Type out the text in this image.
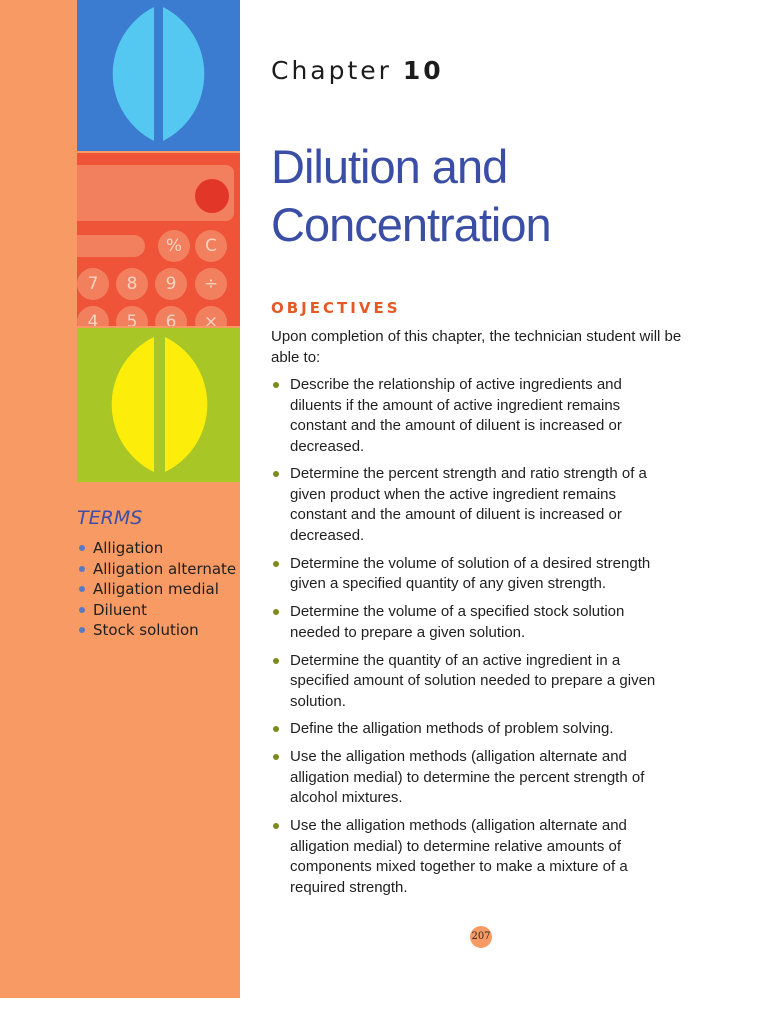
%	C
7	8	9	÷
4	5	6	×
TERMS
Alligation
Alligation alternate
Alligation medial
Diluent
Stock solution
Chapter 10
Dilution and
Concentration
OBJECTIVES
Upon completion of this chapter, the technician student will be able to:
Describe the relationship of active ingredients and diluents if the amount of active ingredient remains constant and the amount of diluent is increased or decreased.
Determine the percent strength and ratio strength of a given product when the active ingredient remains constant and the amount of diluent is increased or decreased.
Determine the volume of solution of a desired strength given a specified quantity of any given strength.
Determine the volume of a specified stock solution needed to prepare a given solution.
Determine the quantity of an active ingredient in a specified amount of solution needed to prepare a given solution.
Define the alligation methods of problem solving.
Use the alligation methods (alligation alternate and alligation medial) to determine the percent strength of alcohol mixtures.
Use the alligation methods (alligation alternate and alligation medial) to determine relative amounts of components mixed together to make a mixture of a required strength.
207
